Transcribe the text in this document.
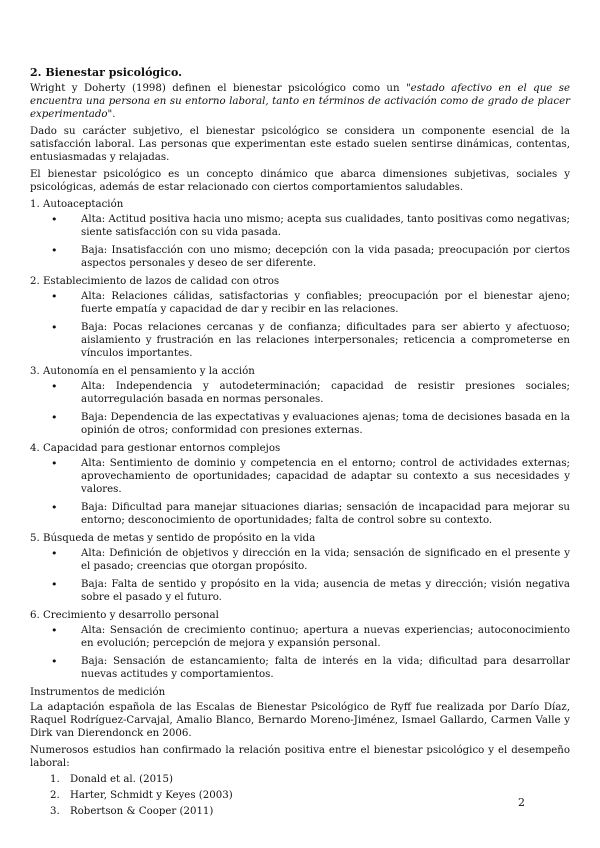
2. Bienestar psicológico.

Wright y Doherty (1998) definen el bienestar psicológico como un "estado afectivo en el que se encuentra una persona en su entorno laboral, tanto en términos de activación como de grado de placer experimentado".

Dado su carácter subjetivo, el bienestar psicológico se considera un componente esencial de la satisfacción laboral. Las personas que experimentan este estado suelen sentirse dinámicas, contentas, entusiasmadas y relajadas.

El bienestar psicológico es un concepto dinámico que abarca dimensiones subjetivas, sociales y psicológicas, además de estar relacionado con ciertos comportamientos saludables.

1. Autoaceptación
• Alta: Actitud positiva hacia uno mismo; acepta sus cualidades, tanto positivas como negativas; siente satisfacción con su vida pasada.
• Baja: Insatisfacción con uno mismo; decepción con la vida pasada; preocupación por ciertos aspectos personales y deseo de ser diferente.
2. Establecimiento de lazos de calidad con otros
• Alta: Relaciones cálidas, satisfactorias y confiables; preocupación por el bienestar ajeno; fuerte empatía y capacidad de dar y recibir en las relaciones.
• Baja: Pocas relaciones cercanas y de confianza; dificultades para ser abierto y afectuoso; aislamiento y frustración en las relaciones interpersonales; reticencia a comprometerse en vínculos importantes.
3. Autonomía en el pensamiento y la acción
• Alta: Independencia y autodeterminación; capacidad de resistir presiones sociales; autorregulación basada en normas personales.
• Baja: Dependencia de las expectativas y evaluaciones ajenas; toma de decisiones basada en la opinión de otros; conformidad con presiones externas.
4. Capacidad para gestionar entornos complejos
• Alta: Sentimiento de dominio y competencia en el entorno; control de actividades externas; aprovechamiento de oportunidades; capacidad de adaptar su contexto a sus necesidades y valores.
• Baja: Dificultad para manejar situaciones diarias; sensación de incapacidad para mejorar su entorno; desconocimiento de oportunidades; falta de control sobre su contexto.
5. Búsqueda de metas y sentido de propósito en la vida
• Alta: Definición de objetivos y dirección en la vida; sensación de significado en el presente y el pasado; creencias que otorgan propósito.
• Baja: Falta de sentido y propósito en la vida; ausencia de metas y dirección; visión negativa sobre el pasado y el futuro.
6. Crecimiento y desarrollo personal
• Alta: Sensación de crecimiento continuo; apertura a nuevas experiencias; autoconocimiento en evolución; percepción de mejora y expansión personal.
• Baja: Sensación de estancamiento; falta de interés en la vida; dificultad para desarrollar nuevas actitudes y comportamientos.
Instrumentos de medición

La adaptación española de las Escalas de Bienestar Psicológico de Ryff fue realizada por Darío Díaz, Raquel Rodríguez-Carvajal, Amalio Blanco, Bernardo Moreno-Jiménez, Ismael Gallardo, Carmen Valle y Dirk van Dierendonck en 2006.

Numerosos estudios han confirmado la relación positiva entre el bienestar psicológico y el desempeño laboral:

1. Donald et al. (2015)
2. Harter, Schmidt y Keyes (2003)
3. Robertson & Cooper (2011)
2
